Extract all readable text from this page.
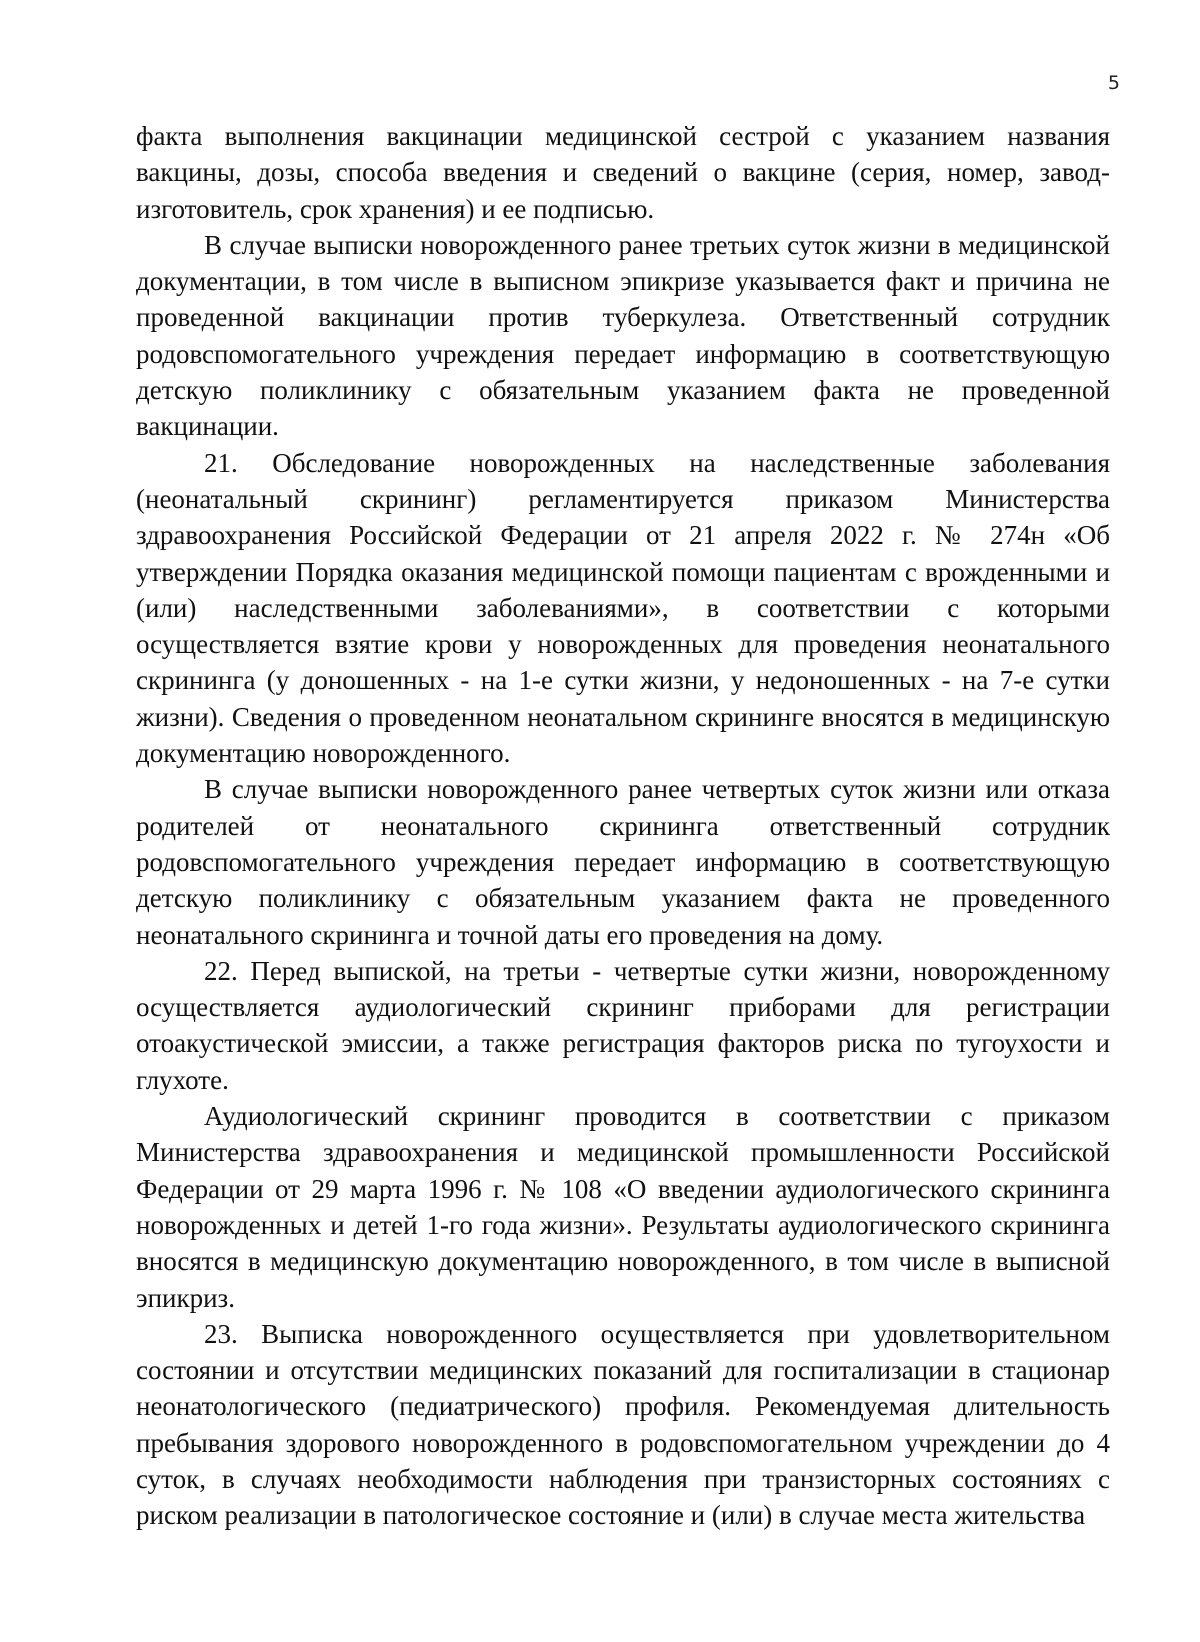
5

факта выполнения вакцинации медицинской сестрой с указанием названия вакцины, дозы, способа введения и сведений о вакцине (серия, номер, завод-изготовитель, срок хранения) и ее подписью.

В случае выписки новорожденного ранее третьих суток жизни в медицинской документации, в том числе в выписном эпикризе указывается факт и причина не проведенной вакцинации против туберкулеза. Ответственный сотрудник родовспомогательного учреждения передает информацию в соответствующую детскую поликлинику с обязательным указанием факта не проведенной вакцинации.

21. Обследование новорожденных на наследственные заболевания (неонатальный скрининг) регламентируется приказом Министерства здравоохранения Российской Федерации от 21 апреля 2022 г. № 274н «Об утверждении Порядка оказания медицинской помощи пациентам с врожденными и (или) наследственными заболеваниями», в соответствии с которыми осуществляется взятие крови у новорожденных для проведения неонатального скрининга (у доношенных - на 1-е сутки жизни, у недоношенных - на 7-е сутки жизни). Сведения о проведенном неонатальном скрининге вносятся в медицинскую документацию новорожденного.

В случае выписки новорожденного ранее четвертых суток жизни или отказа родителей от неонатального скрининга ответственный сотрудник родовспомогательного учреждения передает информацию в соответствующую детскую поликлинику с обязательным указанием факта не проведенного неонатального скрининга и точной даты его проведения на дому.

22. Перед выпиской, на третьи - четвертые сутки жизни, новорожденному осуществляется аудиологический скрининг приборами для регистрации отоакустической эмиссии, а также регистрация факторов риска по тугоухости и глухоте.

Аудиологический скрининг проводится в соответствии с приказом Министерства здравоохранения и медицинской промышленности Российской Федерации от 29 марта 1996 г. № 108 «О введении аудиологического скрининга новорожденных и детей 1-го года жизни». Результаты аудиологического скрининга вносятся в медицинскую документацию новорожденного, в том числе в выписной эпикриз.

23. Выписка новорожденного осуществляется при удовлетворительном состоянии и отсутствии медицинских показаний для госпитализации в стационар неонатологического (педиатрического) профиля. Рекомендуемая длительность пребывания здорового новорожденного в родовспомогательном учреждении до 4 суток, в случаях необходимости наблюдения при транзисторных состояниях с риском реализации в патологическое состояние и (или) в случае места жительства
